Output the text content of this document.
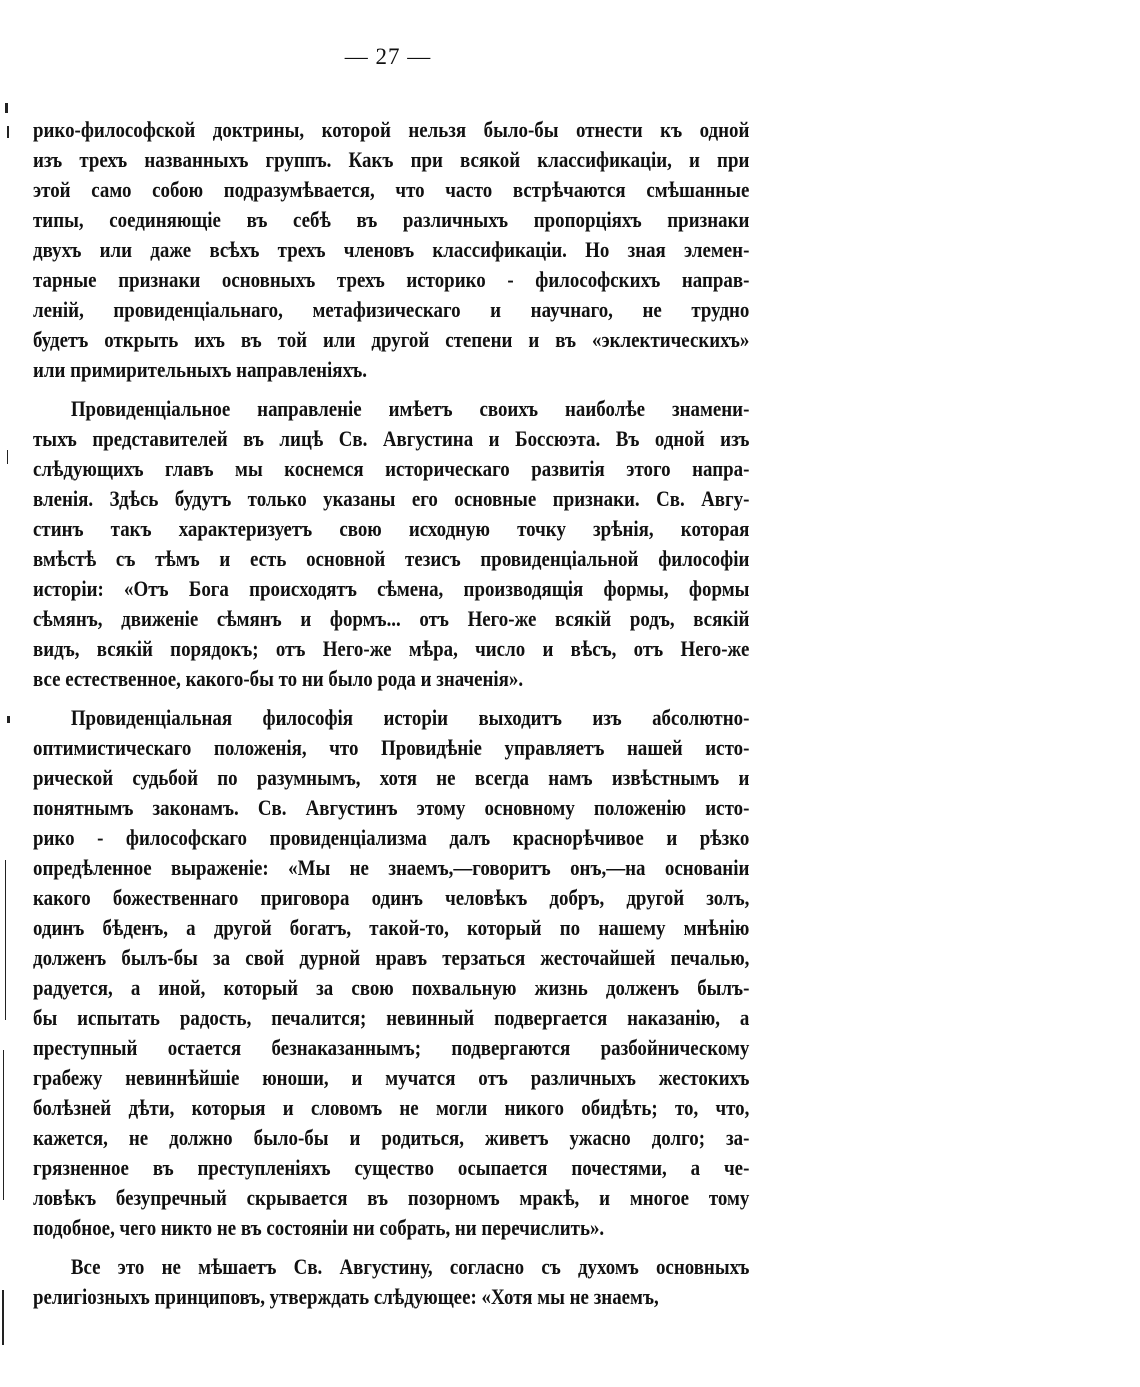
— 27 —
рико-философской доктрины, которой нельзя было-бы отнести къ одной
изъ трехъ названныхъ группъ. Какъ при всякой классификаціи, и при
этой само собою подразумѣвается, что часто встрѣчаются смѣшанные
типы, соединяющіе въ себѣ въ различныхъ пропорціяхъ признаки
двухъ или даже всѣхъ трехъ членовъ классификаціи. Но зная элемен-
тарные признаки основныхъ трехъ историко - философскихъ направ-
леній, провиденціальнаго, метафизическаго и научнаго, не трудно
будетъ открыть ихъ въ той или другой степени и въ «эклектическихъ»
или примирительныхъ направленіяхъ.
Провиденціальное направленіе имѣетъ своихъ наиболѣе знамени-
тыхъ представителей въ лицѣ Св. Августина и Боссюэта. Въ одной изъ
слѣдующихъ главъ мы коснемся историческаго развитія этого напра-
вленія. Здѣсь будутъ только указаны его основные признаки. Св. Авгу-
стинъ такъ характеризуетъ свою исходную точку зрѣнія, которая
вмѣстѣ съ тѣмъ и есть основной тезисъ провиденціальной философіи
исторіи: «Отъ Бога происходятъ сѣмена, производящія формы, формы
сѣмянъ, движеніе сѣмянъ и формъ... отъ Него-же всякій родъ, всякій
видъ, всякій порядокъ; отъ Него-же мѣра, число и вѣсъ, отъ Него-же
все естественное, какого-бы то ни было рода и значенія».
Провиденціальная философія исторіи выходитъ изъ абсолютно-
оптимистическаго положенія, что Провидѣніе управляетъ нашей исто-
рической судьбой по разумнымъ, хотя не всегда намъ извѣстнымъ и
понятнымъ законамъ. Св. Августинъ этому основному положенію исто-
рико - философскаго провиденціализма далъ краснорѣчивое и рѣзко
опредѣленное выраженіе: «Мы не знаемъ,—говоритъ онъ,—на основаніи
какого божественнаго приговора одинъ человѣкъ добръ, другой золъ,
одинъ бѣденъ, а другой богатъ, такой-то, который по нашему мнѣнію
долженъ былъ-бы за свой дурной нравъ терзаться жесточайшей печалью,
радуется, а иной, который за свою похвальную жизнь долженъ былъ-
бы испытать радость, печалится; невинный подвергается наказанію, а
преступный остается безнаказаннымъ; подвергаются разбойническому
грабежу невиннѣйшіе юноши, и мучатся отъ различныхъ жестокихъ
болѣзней дѣти, которыя и словомъ не могли никого обидѣть; то, что,
кажется, не должно было-бы и родиться, живетъ ужасно долго; за-
грязненное въ преступленіяхъ существо осыпается почестями, а че-
ловѣкъ безупречный скрывается въ позорномъ мракѣ, и многое тому
подобное, чего никто не въ состояніи ни собрать, ни перечислить».
Все это не мѣшаетъ Св. Августину, согласно съ духомъ основныхъ
религіозныхъ принциповъ, утверждать слѣдующее: «Хотя мы не знаемъ,
